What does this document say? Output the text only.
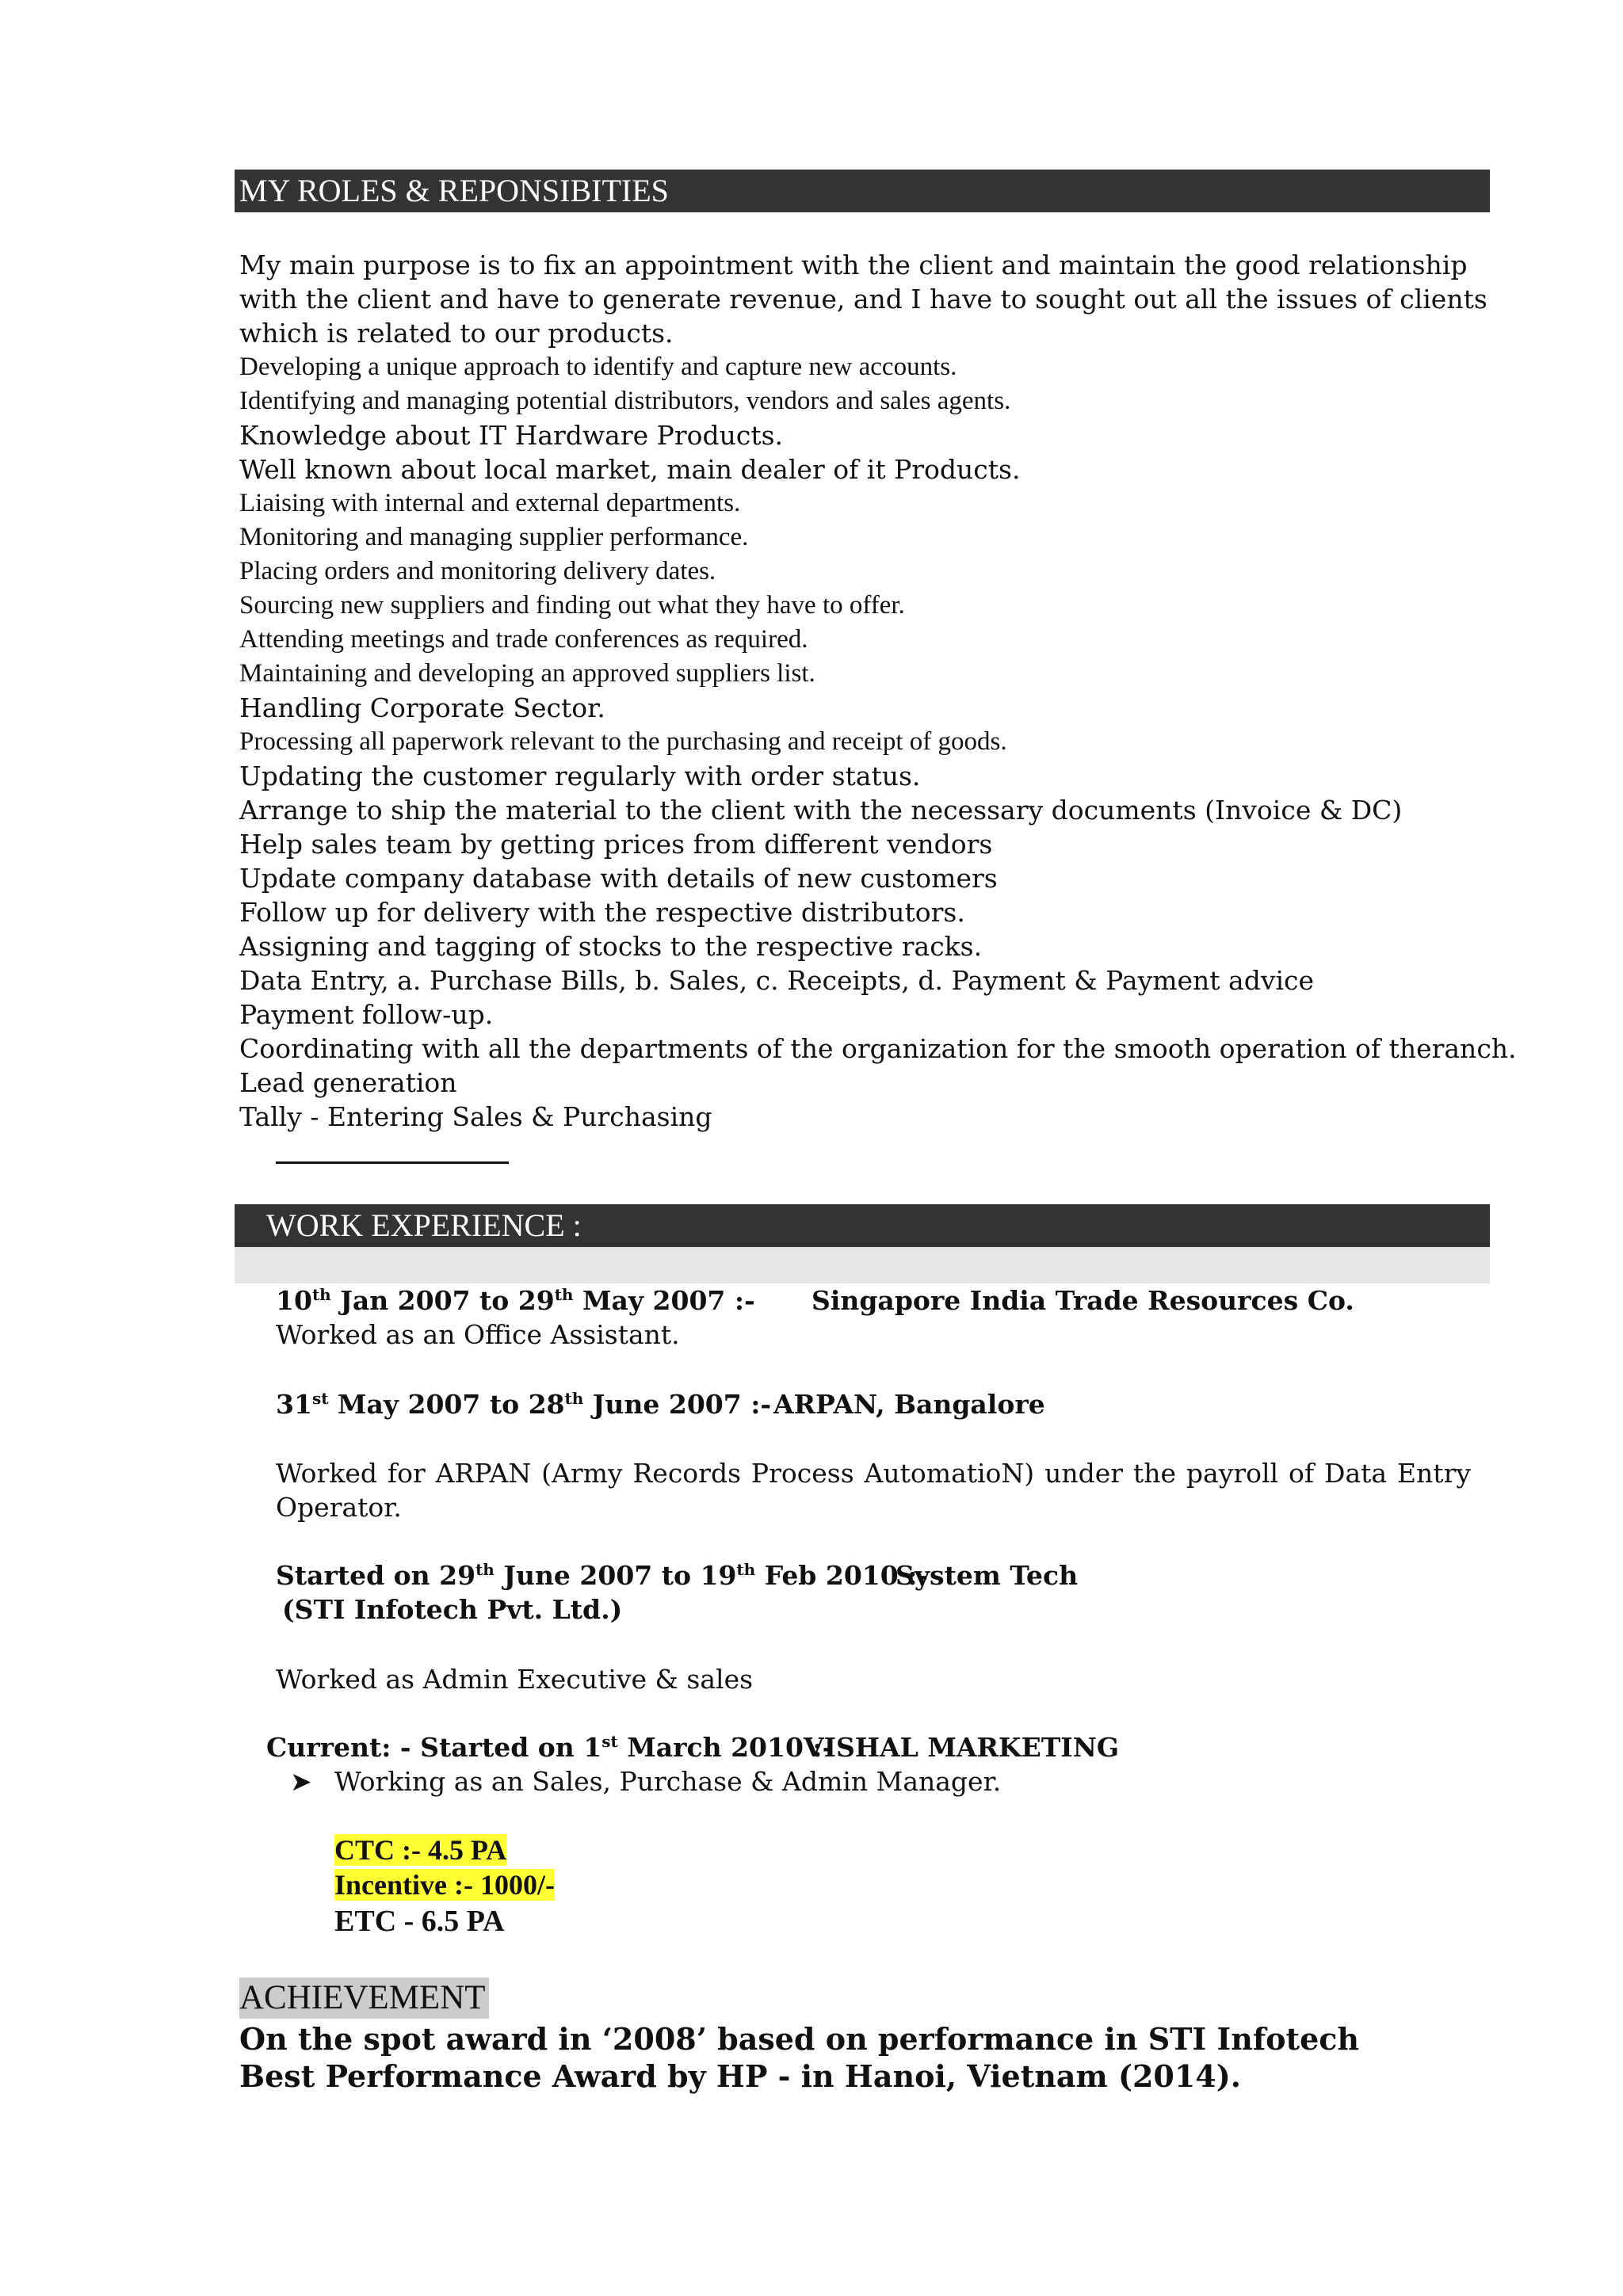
MY ROLES & REPONSIBITIES
My main purpose is to fix an appointment with the client and maintain the good relationship
with the client and have to generate revenue, and I have to sought out all the issues of clients
which is related to our products.
Developing a unique approach to identify and capture new accounts.
Identifying and managing potential distributors, vendors and sales agents.
Knowledge about IT Hardware Products.
Well known about local market, main dealer of it Products.
Liaising with internal and external departments.
Monitoring and managing supplier performance.
Placing orders and monitoring delivery dates.
Sourcing new suppliers and finding out what they have to offer.
Attending meetings and trade conferences as required.
Maintaining and developing an approved suppliers list.
Handling Corporate Sector.
Processing all paperwork relevant to the purchasing and receipt of goods.
Updating the customer regularly with order status.
Arrange to ship the material to the client with the necessary documents (Invoice & DC)
Help sales team by getting prices from different vendors
Update company database with details of new customers
Follow up for delivery with the respective distributors.
Assigning and tagging of stocks to the respective racks.
Data Entry, a. Purchase Bills, b. Sales, c. Receipts, d. Payment & Payment advice
Payment follow-up.
Coordinating with all the departments of the organization for the smooth operation of theranch.
Lead generation
Tally - Entering Sales & Purchasing
WORK EXPERIENCE :
10th Jan 2007 to 29th May 2007 :- Singapore India Trade Resources Co.
Worked as an Office Assistant.
31st May 2007 to 28th June 2007 :- ARPAN, Bangalore
Worked for ARPAN (Army Records Process AutomatioN) under the payroll of Data Entry Operator.
Started on 29th June 2007 to 19th Feb 2010 :-
System Tech
(STI Infotech Pvt. Ltd.)
Worked as Admin Executive & sales
Current: - Started on 1st March 2010 :-
VISHAL MARKETING
➤ Working as an Sales, Purchase & Admin Manager.
CTC :- 4.5 PA
Incentive :- 1000/-
ETC - 6.5 PA
ACHIEVEMENT
On the spot award in ‘2008’ based on performance in STI Infotech
Best Performance Award by HP - in Hanoi, Vietnam (2014).
